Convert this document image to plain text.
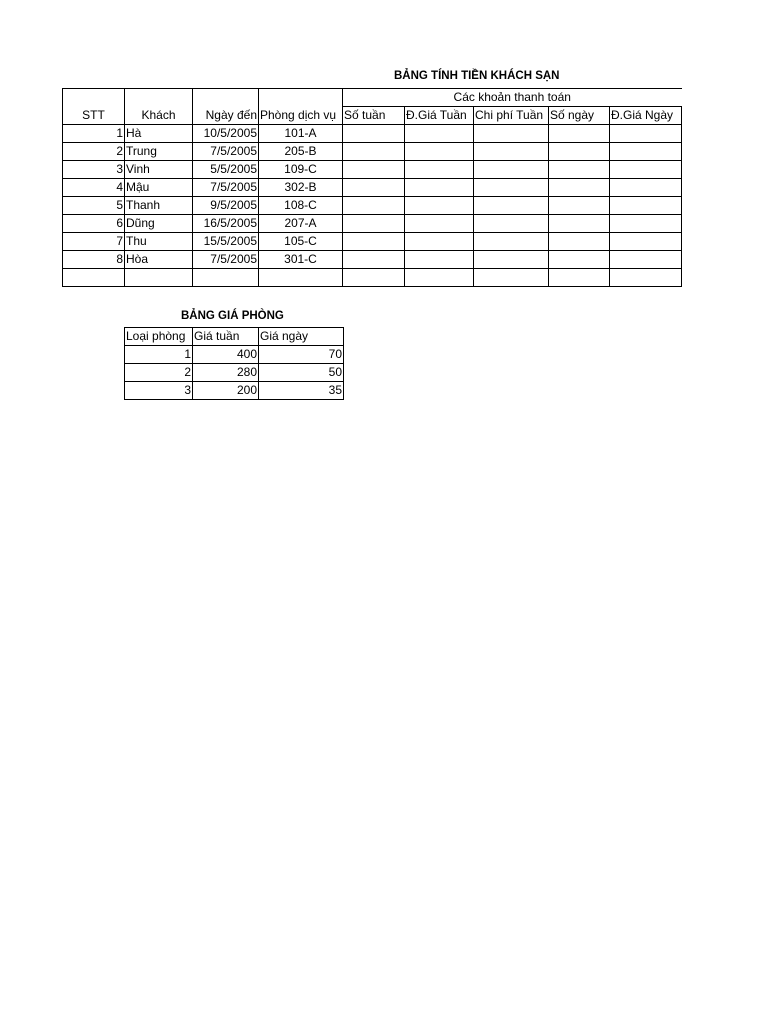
BẢNG TÍNH TIỀN KHÁCH SẠN
				Các khoản thanh toán				
STT	Khách	Ngày đến	Phòng dịch vụ	Số tuần	Đ.Giá Tuần	Chi phí Tuần	Số ngày	Đ.Giá Ngày
1	Hà	10/5/2005	101-A					
2	Trung	7/5/2005	205-B					
3	Vinh	5/5/2005	109-C					
4	Mậu	7/5/2005	302-B					
5	Thanh	9/5/2005	108-C					
6	Dũng	16/5/2005	207-A					
7	Thu	15/5/2005	105-C					
8	Hòa	7/5/2005	301-C					

BẢNG GIÁ PHÒNG
Loại phòng	Giá tuần	Giá ngày
1	400	70
2	280	50
3	200	35
